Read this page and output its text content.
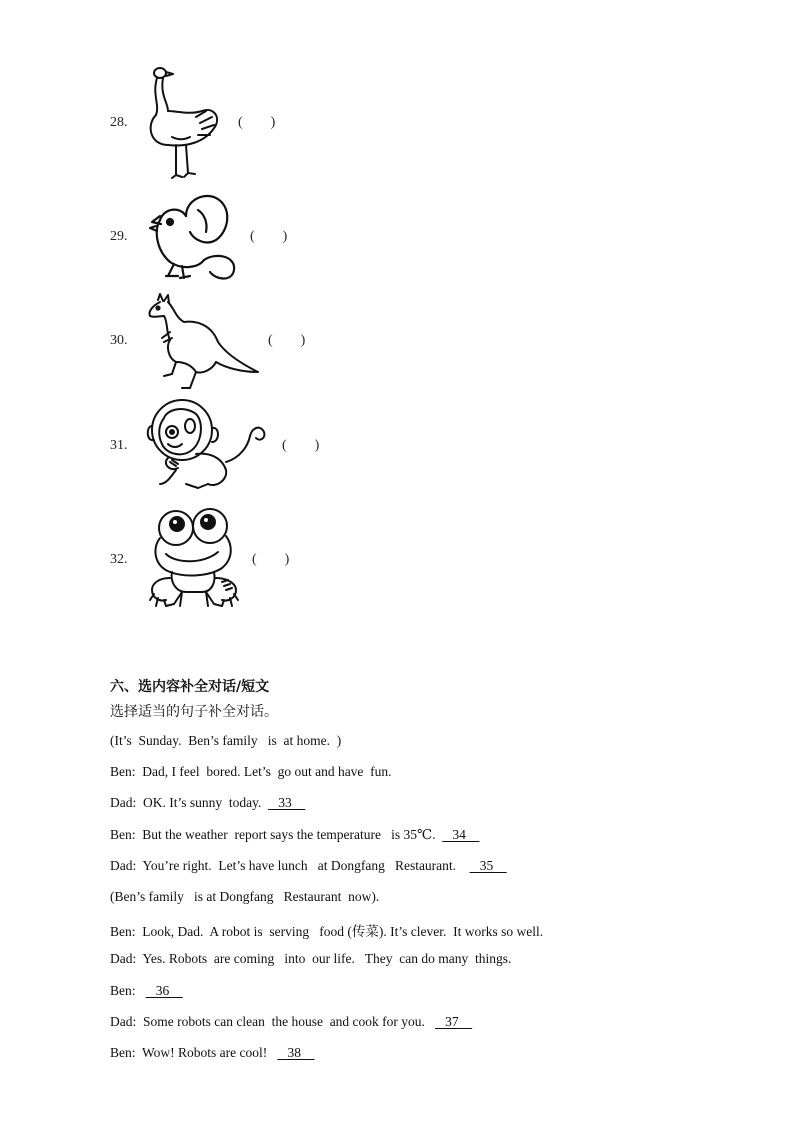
28.	(        )
29.	(        )
30.	(        )
31.	(        )
32.	(        )
六、选内容补全对话/短文
选择适当的句子补全对话。
(It’s  Sunday.  Ben’s family   is  at home.  )
Ben:  Dad, I feel  bored. Let’s  go out and have  fun.
Dad:  OK. It’s sunny  today.     33
Ben:  But the weather  report says the temperature   is 35℃.     34
Dad:  You’re right.  Let’s have lunch   at Dongfang   Restaurant.       35
(Ben’s family   is at Dongfang   Restaurant  now).
Ben:  Look, Dad.  A robot is  serving   food (传菜). It’s clever.  It works so well.
Dad:  Yes. Robots  are coming   into  our life.   They  can do many  things.
Ben:      36
Dad:  Some robots can clean  the house  and cook for you.      37
Ben:  Wow! Robots are cool!      38
